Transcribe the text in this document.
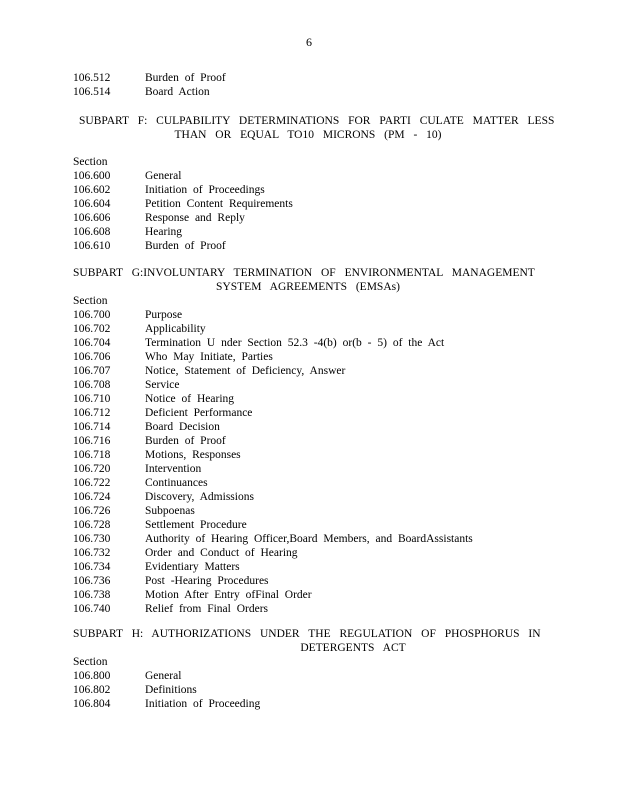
6
106.512	Burden of Proof
106.514	Board Action
SUBPART F: CULPABILITY DETERMINATIONS FOR PARTI CULATE MATTER LESS
THAN OR EQUAL TO10 MICRONS (PM - 10)
Section
106.600	General
106.602	Initiation of Proceedings
106.604	Petition Content Requirements
106.606	Response and Reply
106.608	Hearing
106.610	Burden of Proof
SUBPART G:INVOLUNTARY TERMINATION OF ENVIRONMENTAL MANAGEMENT
SYSTEM AGREEMENTS (EMSAs)
Section
106.700	Purpose
106.702	Applicability
106.704	Termination U nder Section 52.3 -4(b) or(b - 5) of the Act
106.706	Who May Initiate, Parties
106.707	Notice, Statement of Deficiency, Answer
106.708	Service
106.710	Notice of Hearing
106.712	Deficient Performance
106.714	Board Decision
106.716	Burden of Proof
106.718	Motions, Responses
106.720	Intervention
106.722	Continuances
106.724	Discovery, Admissions
106.726	Subpoenas
106.728	Settlement Procedure
106.730	Authority of Hearing Officer,Board Members, and BoardAssistants
106.732	Order and Conduct of Hearing
106.734	Evidentiary Matters
106.736	Post -Hearing Procedures
106.738	Motion After Entry ofFinal Order
106.740	Relief from Final Orders
SUBPART H: AUTHORIZATIONS UNDER THE REGULATION OF PHOSPHORUS IN
DETERGENTS ACT
Section
106.800	General
106.802	Definitions
106.804	Initiation of Proceeding
